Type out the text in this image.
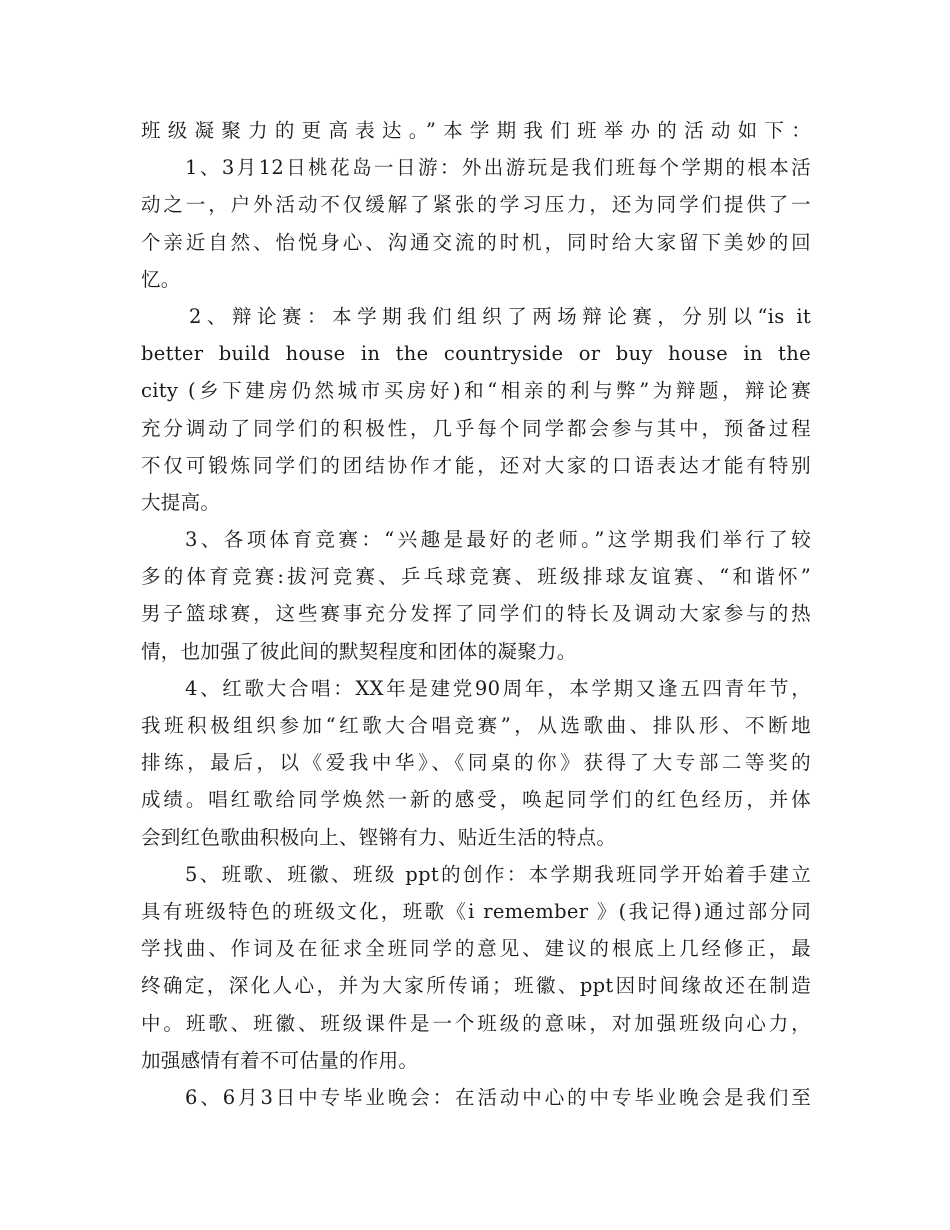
班级凝聚力的更高表达。”本学期我们班举办的活动如下：
1、3月12日桃花岛一日游：外出游玩是我们班每个学期的根本活
动之一，户外活动不仅缓解了紧张的学习压力，还为同学们提供了一
个亲近自然、怡悦身心、沟通交流的时机，同时给大家留下美妙的回
忆。
2、辩论赛：本学期我们组织了两场辩论赛，分别以“is it
better build house in the countryside or buy house in the
city (乡下建房仍然城市买房好)和“相亲的利与弊”为辩题，辩论赛
充分调动了同学们的积极性，几乎每个同学都会参与其中，预备过程
不仅可锻炼同学们的团结协作才能，还对大家的口语表达才能有特别
大提高。
3、各项体育竞赛：“兴趣是最好的老师。”这学期我们举行了较
多的体育竞赛:拔河竞赛、乒乓球竞赛、班级排球友谊赛、“和谐怀”
男子篮球赛，这些赛事充分发挥了同学们的特长及调动大家参与的热
情，也加强了彼此间的默契程度和团体的凝聚力。
4、红歌大合唱：XX年是建党90周年，本学期又逢五四青年节，
我班积极组织参加“红歌大合唱竞赛”，从选歌曲、排队形、不断地
排练，最后，以《爱我中华》、《同桌的你》获得了大专部二等奖的
成绩。唱红歌给同学焕然一新的感受，唤起同学们的红色经历，并体
会到红色歌曲积极向上、铿锵有力、贴近生活的特点。
5、班歌、班徽、班级 ppt的创作：本学期我班同学开始着手建立
具有班级特色的班级文化，班歌《i remember 》(我记得)通过部分同
学找曲、作词及在征求全班同学的意见、建议的根底上几经修正，最
终确定，深化人心，并为大家所传诵；班徽、ppt因时间缘故还在制造
中。班歌、班徽、班级课件是一个班级的意味，对加强班级向心力，
加强感情有着不可估量的作用。
6、6月3日中专毕业晚会：在活动中心的中专毕业晚会是我们至
